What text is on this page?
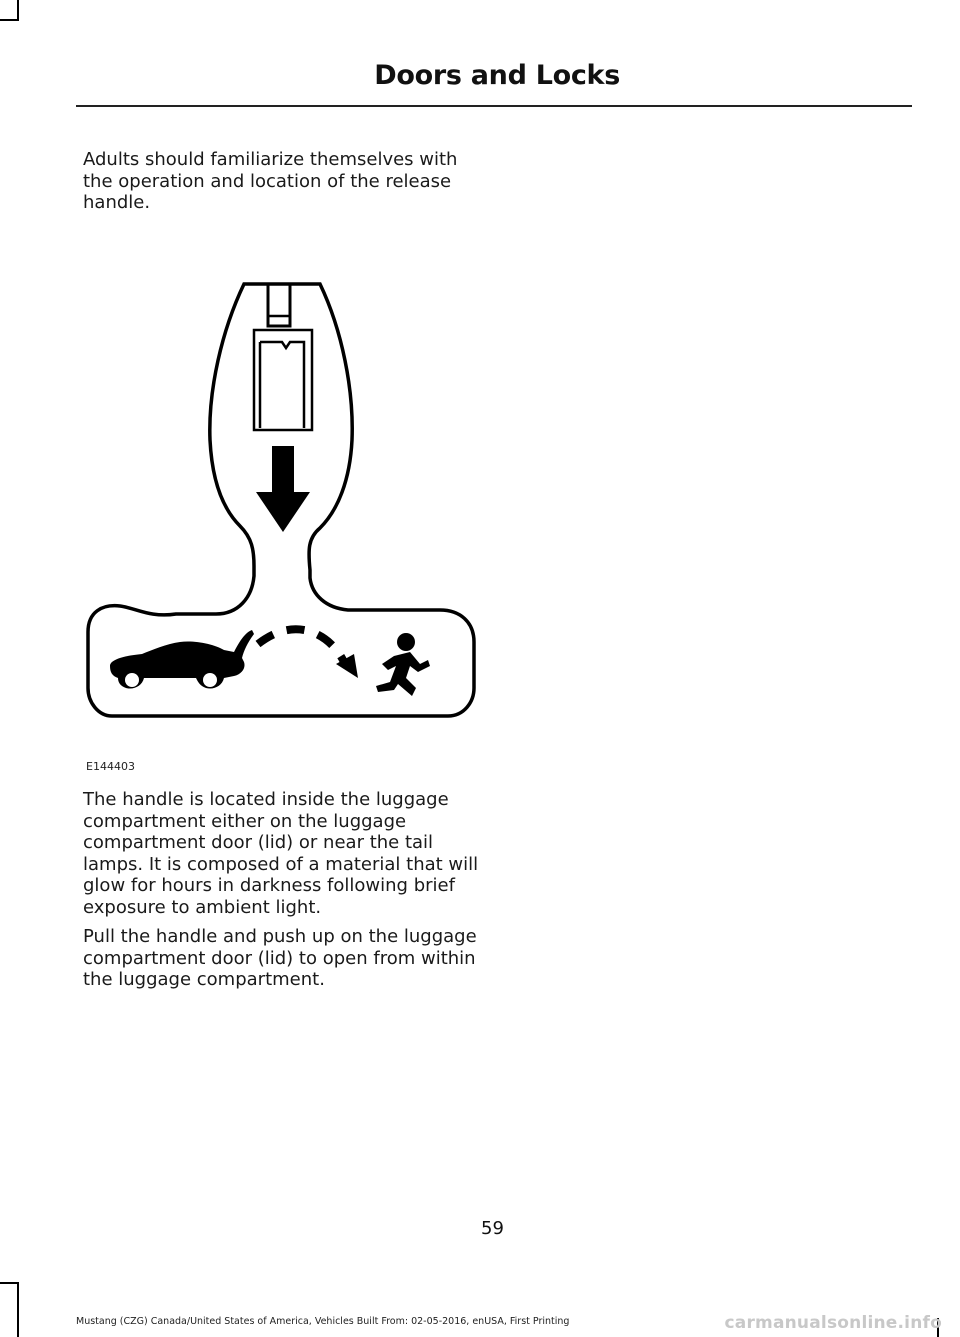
Doors and Locks

Adults should familiarize themselves with the operation and location of the release handle.

E144403

The handle is located inside the luggage compartment either on the luggage compartment door (lid) or near the tail lamps. It is composed of a material that will glow for hours in darkness following brief exposure to ambient light.

Pull the handle and push up on the luggage compartment door (lid) to open from within the luggage compartment.

59
Mustang (CZG) Canada/United States of America, Vehicles Built From: 02-05-2016, enUSA, First Printing	carmanualsonline.info
